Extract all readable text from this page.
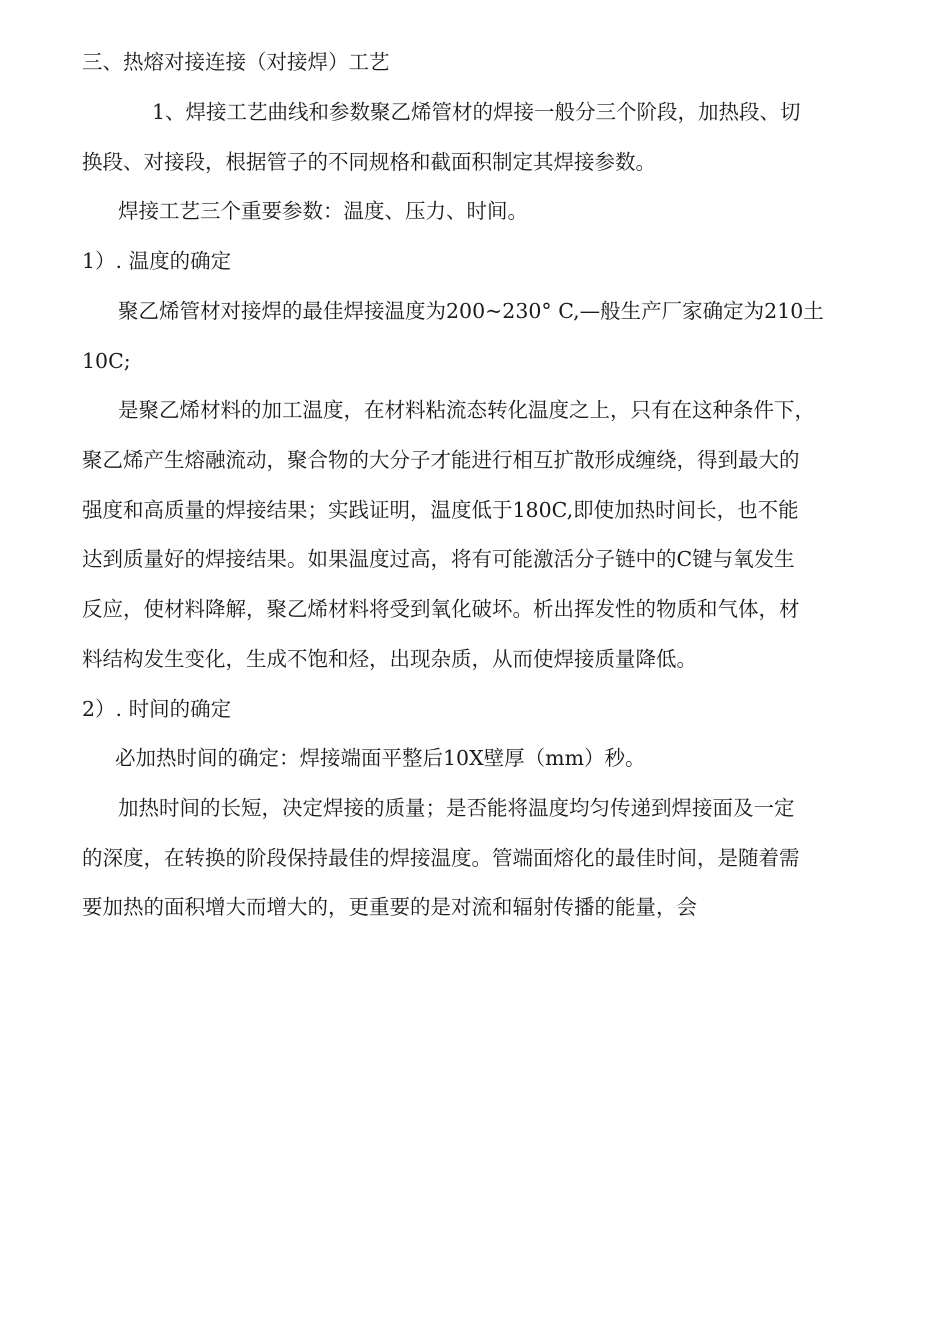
三、热熔对接连接（对接焊）工艺
1、焊接工艺曲线和参数聚乙烯管材的焊接一般分三个阶段，加热段、切
换段、对接段，根据管子的不同规格和截面积制定其焊接参数。
焊接工艺三个重要参数：温度、压力、时间。
1）. 温度的确定
聚乙烯管材对接焊的最佳焊接温度为200~230° C,—般生产厂家确定为210土
10C;
是聚乙烯材料的加工温度，在材料粘流态转化温度之上，只有在这种条件下，
聚乙烯产生熔融流动，聚合物的大分子才能进行相互扩散形成缠绕，得到最大的
强度和高质量的焊接结果；实践证明，温度低于180C,即使加热时间长，也不能
达到质量好的焊接结果。如果温度过高，将有可能激活分子链中的C键与氧发生
反应，使材料降解，聚乙烯材料将受到氧化破坏。析出挥发性的物质和气体，材
料结构发生变化，生成不饱和烃，出现杂质，从而使焊接质量降低。
2）. 时间的确定
必加热时间的确定：焊接端面平整后10X壁厚（mm）秒。
加热时间的长短，决定焊接的质量；是否能将温度均匀传递到焊接面及一定
的深度，在转换的阶段保持最佳的焊接温度。管端面熔化的最佳时间，是随着需
要加热的面积增大而增大的，更重要的是对流和辐射传播的能量，会
